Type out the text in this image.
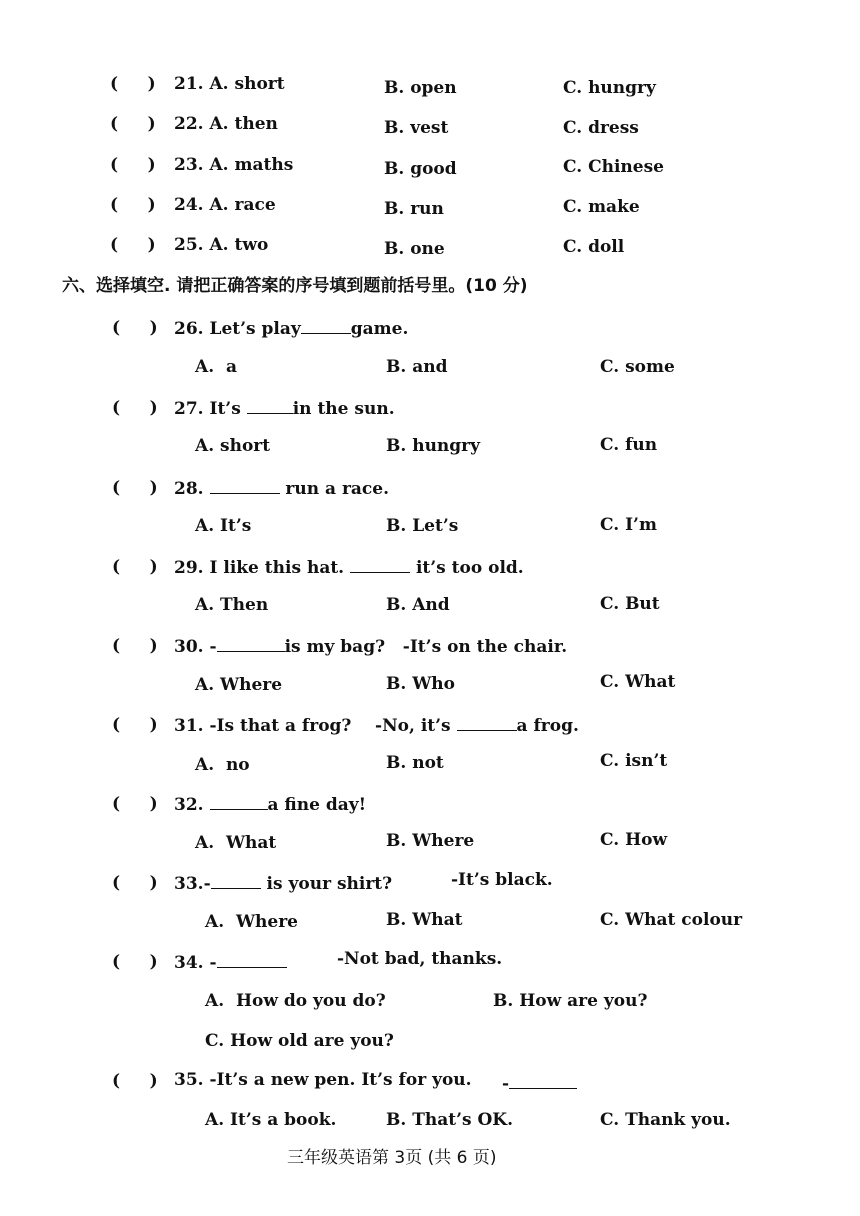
(     ) 21. A. short	B. open	C. hungry
(     ) 22. A. then	B. vest	C. dress
(     ) 23. A. maths	B. good	C. Chinese
(     ) 24. A. race	B. run	C. make
(     ) 25. A. two	B. one	C. doll
六、选择填空. 请把正确答案的序号填到题前括号里。(10 分)
(     ) 26. Let’s play	game.
A.  a	B. and	C. some
(     ) 27. It’s	in the sun.
A. short	B. hungry	C. fun
(     ) 28.	run a race.
A. It’s	B. Let’s	C. I’m
(     ) 29. I like this hat.	it’s too old.
A. Then	B. And	C. But
(     ) 30. -	is my bag?   -It’s on the chair.
A. Where	B. Who	C. What
(     ) 31. -Is that a frog?    -No, it’s	a frog.
A.  no	B. not	C. isn’t
(     ) 32.	a fine day!
A.  What	B. Where	C. How
(     ) 33.-	is your shirt?	-It’s black.
A.  Where	B. What	C. What colour
(     ) 34. -	-Not bad, thanks.
A.  How do you do?	B. How are you?
C. How old are you?
(     ) 35. -It’s a new pen. It’s for you. -
A. It’s a book.	B. That’s OK.	C. Thank you.
三年级英语第 3页 (共 6 页)
